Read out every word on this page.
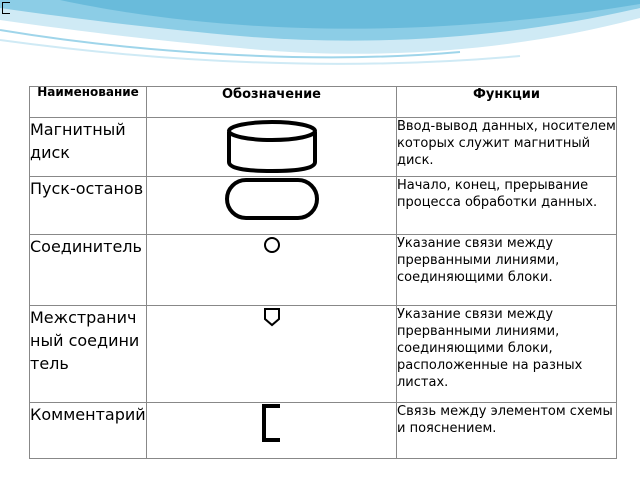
Наименование	Обозначение	Функции
Магнитный диск		Ввод-вывод данных, носителем которых служит магнитный диск.
Пуск-останов		Начало, конец, прерывание процесса обработки данных.
Соединитель		Указание связи между прерванными линиями, соединяющими блоки.
Межстраничный соединитель		Указание связи между прерванными линиями, соединяющими блоки, расположенные на разных листах.
Комментарий		Связь между элементом схемы и пояснением.
